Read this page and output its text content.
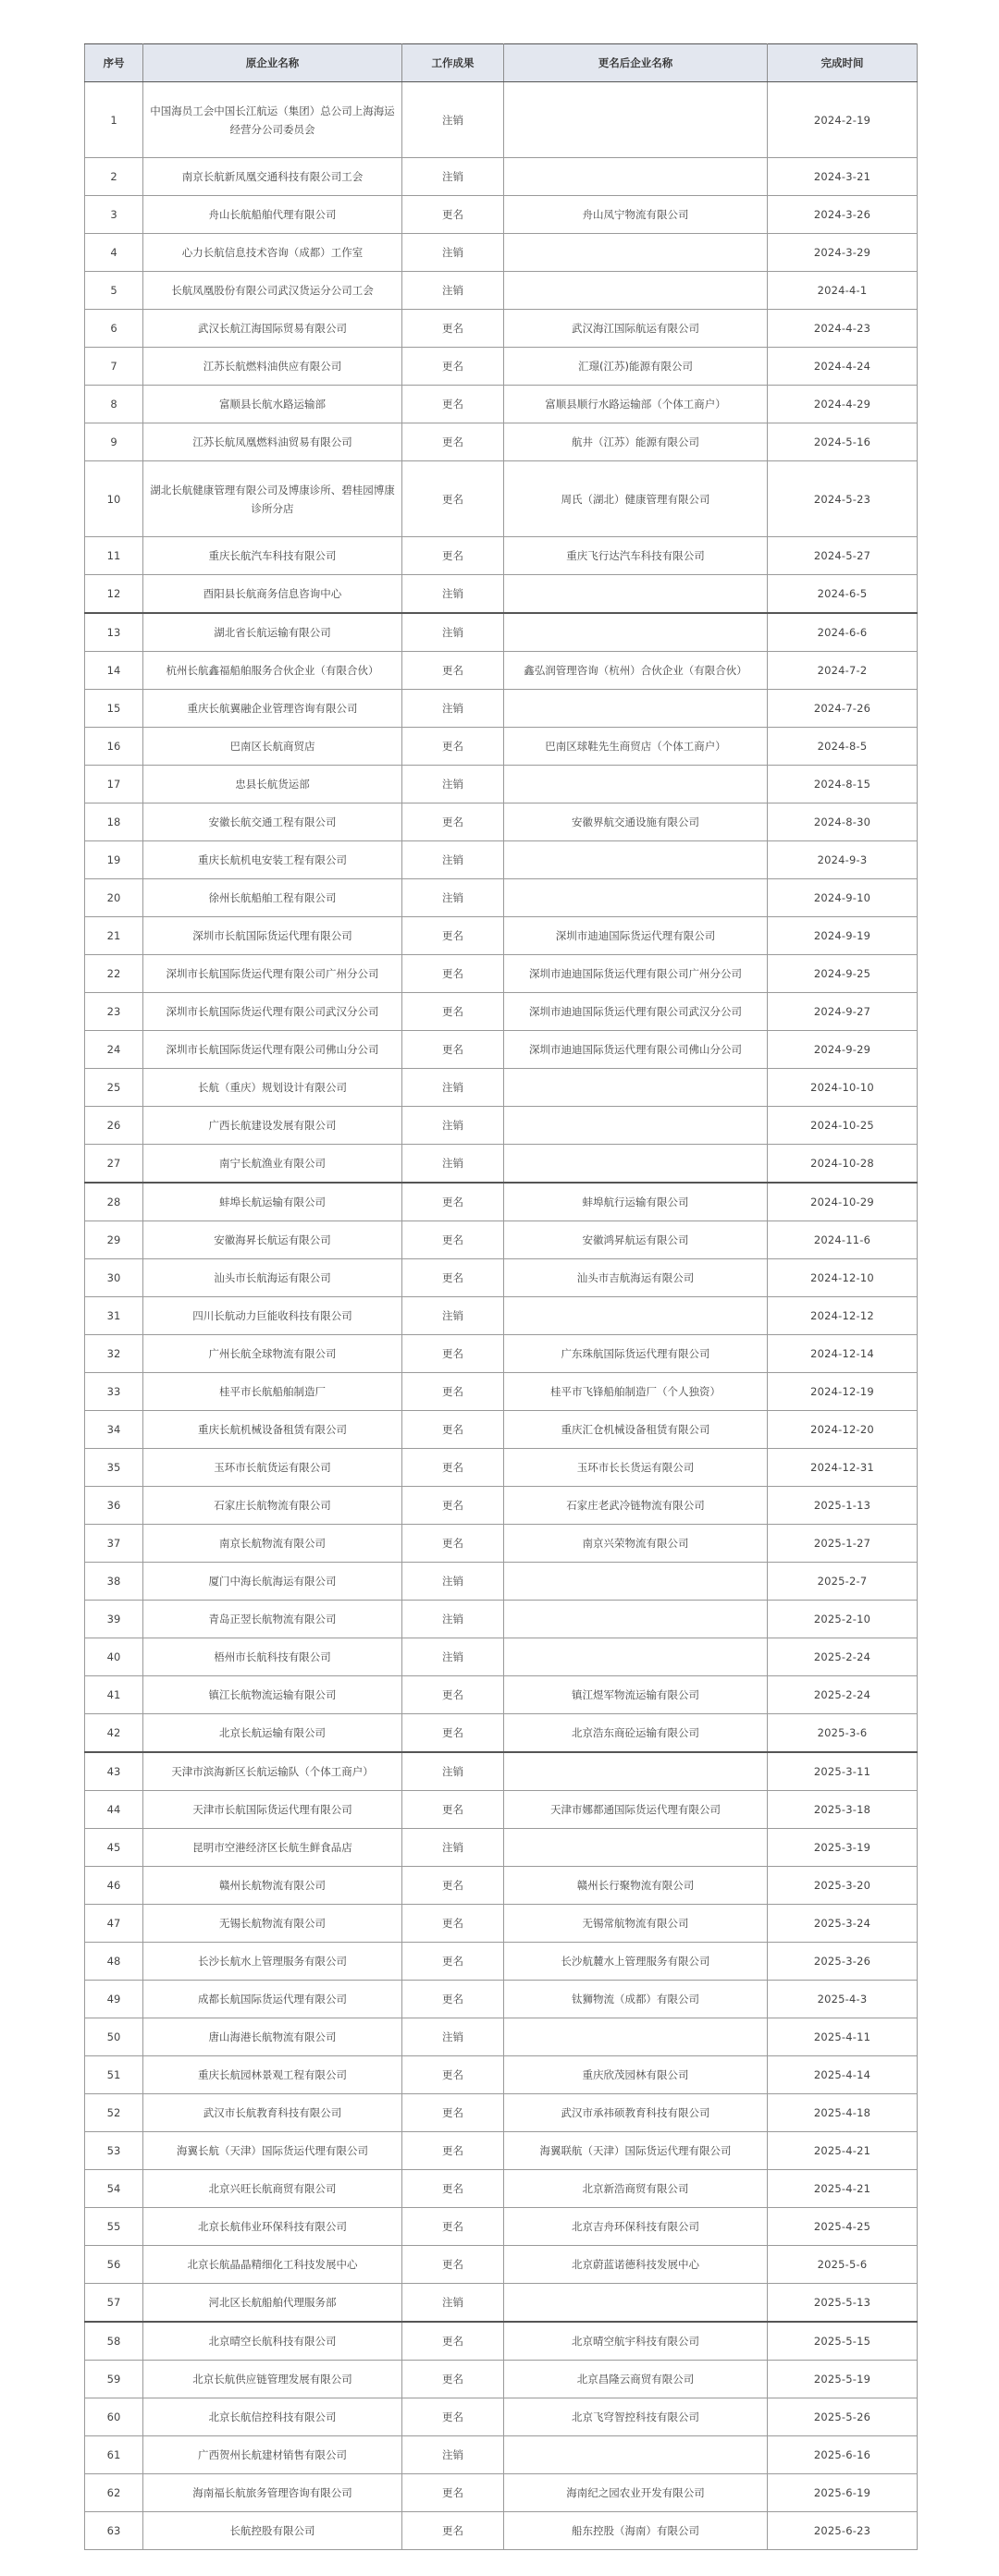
序号	原企业名称	工作成果	更名后企业名称	完成时间
1	中国海员工会中国长江航运（集团）总公司上海海运经营分公司委员会	注销		2024-2-19
2	南京长航新凤凰交通科技有限公司工会	注销		2024-3-21
3	舟山长航船舶代理有限公司	更名	舟山凤宁物流有限公司	2024-3-26
4	心力长航信息技术咨询（成都）工作室	注销		2024-3-29
5	长航凤凰股份有限公司武汉货运分公司工会	注销		2024-4-1
6	武汉长航江海国际贸易有限公司	更名	武汉海江国际航运有限公司	2024-4-23
7	江苏长航燃料油供应有限公司	更名	汇璟(江苏)能源有限公司	2024-4-24
8	富顺县长航水路运输部	更名	富顺县顺行水路运输部（个体工商户）	2024-4-29
9	江苏长航凤凰燃料油贸易有限公司	更名	航井（江苏）能源有限公司	2024-5-16
10	湖北长航健康管理有限公司及博康诊所、碧桂园博康诊所分店	更名	周氏（湖北）健康管理有限公司	2024-5-23
11	重庆长航汽车科技有限公司	更名	重庆飞行达汽车科技有限公司	2024-5-27
12	酉阳县长航商务信息咨询中心	注销		2024-6-5
13	湖北省长航运输有限公司	注销		2024-6-6
14	杭州长航鑫福船舶服务合伙企业（有限合伙）	更名	鑫弘润管理咨询（杭州）合伙企业（有限合伙）	2024-7-2
15	重庆长航翼融企业管理咨询有限公司	注销		2024-7-26
16	巴南区长航商贸店	更名	巴南区球鞋先生商贸店（个体工商户）	2024-8-5
17	忠县长航货运部	注销		2024-8-15
18	安徽长航交通工程有限公司	更名	安徽界航交通设施有限公司	2024-8-30
19	重庆长航机电安装工程有限公司	注销		2024-9-3
20	徐州长航船舶工程有限公司	注销		2024-9-10
21	深圳市长航国际货运代理有限公司	更名	深圳市迪迪国际货运代理有限公司	2024-9-19
22	深圳市长航国际货运代理有限公司广州分公司	更名	深圳市迪迪国际货运代理有限公司广州分公司	2024-9-25
23	深圳市长航国际货运代理有限公司武汉分公司	更名	深圳市迪迪国际货运代理有限公司武汉分公司	2024-9-27
24	深圳市长航国际货运代理有限公司佛山分公司	更名	深圳市迪迪国际货运代理有限公司佛山分公司	2024-9-29
25	长航（重庆）规划设计有限公司	注销		2024-10-10
26	广西长航建设发展有限公司	注销		2024-10-25
27	南宁长航渔业有限公司	注销		2024-10-28
28	蚌埠长航运输有限公司	更名	蚌埠航行运输有限公司	2024-10-29
29	安徽海昇长航运有限公司	更名	安徽鸿昇航运有限公司	2024-11-6
30	汕头市长航海运有限公司	更名	汕头市吉航海运有限公司	2024-12-10
31	四川长航动力巨能收科技有限公司	注销		2024-12-12
32	广州长航全球物流有限公司	更名	广东珠航国际货运代理有限公司	2024-12-14
33	桂平市长航船舶制造厂	更名	桂平市飞锋船舶制造厂（个人独资）	2024-12-19
34	重庆长航机械设备租赁有限公司	更名	重庆汇仓机械设备租赁有限公司	2024-12-20
35	玉环市长航货运有限公司	更名	玉环市长长货运有限公司	2024-12-31
36	石家庄长航物流有限公司	更名	石家庄老武冷链物流有限公司	2025-1-13
37	南京长航物流有限公司	更名	南京兴荣物流有限公司	2025-1-27
38	厦门中海长航海运有限公司	注销		2025-2-7
39	青岛正翌长航物流有限公司	注销		2025-2-10
40	梧州市长航科技有限公司	注销		2025-2-24
41	镇江长航物流运输有限公司	更名	镇江煜军物流运输有限公司	2025-2-24
42	北京长航运输有限公司	更名	北京浩东商砼运输有限公司	2025-3-6
43	天津市滨海新区长航运输队（个体工商户）	注销		2025-3-11
44	天津市长航国际货运代理有限公司	更名	天津市娜都通国际货运代理有限公司	2025-3-18
45	昆明市空港经济区长航生鲜食品店	注销		2025-3-19
46	赣州长航物流有限公司	更名	赣州长行聚物流有限公司	2025-3-20
47	无锡长航物流有限公司	更名	无锡常航物流有限公司	2025-3-24
48	长沙长航水上管理服务有限公司	更名	长沙航麓水上管理服务有限公司	2025-3-26
49	成都长航国际货运代理有限公司	更名	钛狮物流（成都）有限公司	2025-4-3
50	唐山海港长航物流有限公司	注销		2025-4-11
51	重庆长航园林景观工程有限公司	更名	重庆欣茂园林有限公司	2025-4-14
52	武汉市长航教育科技有限公司	更名	武汉市承祎硕教育科技有限公司	2025-4-18
53	海翼长航（天津）国际货运代理有限公司	更名	海翼联航（天津）国际货运代理有限公司	2025-4-21
54	北京兴旺长航商贸有限公司	更名	北京新浩商贸有限公司	2025-4-21
55	北京长航伟业环保科技有限公司	更名	北京吉舟环保科技有限公司	2025-4-25
56	北京长航晶晶精细化工科技发展中心	更名	北京蔚蓝诺德科技发展中心	2025-5-6
57	河北区长航船舶代理服务部	注销		2025-5-13
58	北京晴空长航科技有限公司	更名	北京晴空航宇科技有限公司	2025-5-15
59	北京长航供应链管理发展有限公司	更名	北京昌隆云商贸有限公司	2025-5-19
60	北京长航信控科技有限公司	更名	北京飞穹智控科技有限公司	2025-5-26
61	广西贺州长航建材销售有限公司	注销		2025-6-16
62	海南福长航旅务管理咨询有限公司	更名	海南纪之园农业开发有限公司	2025-6-19
63	长航控股有限公司	更名	船东控股（海南）有限公司	2025-6-23
